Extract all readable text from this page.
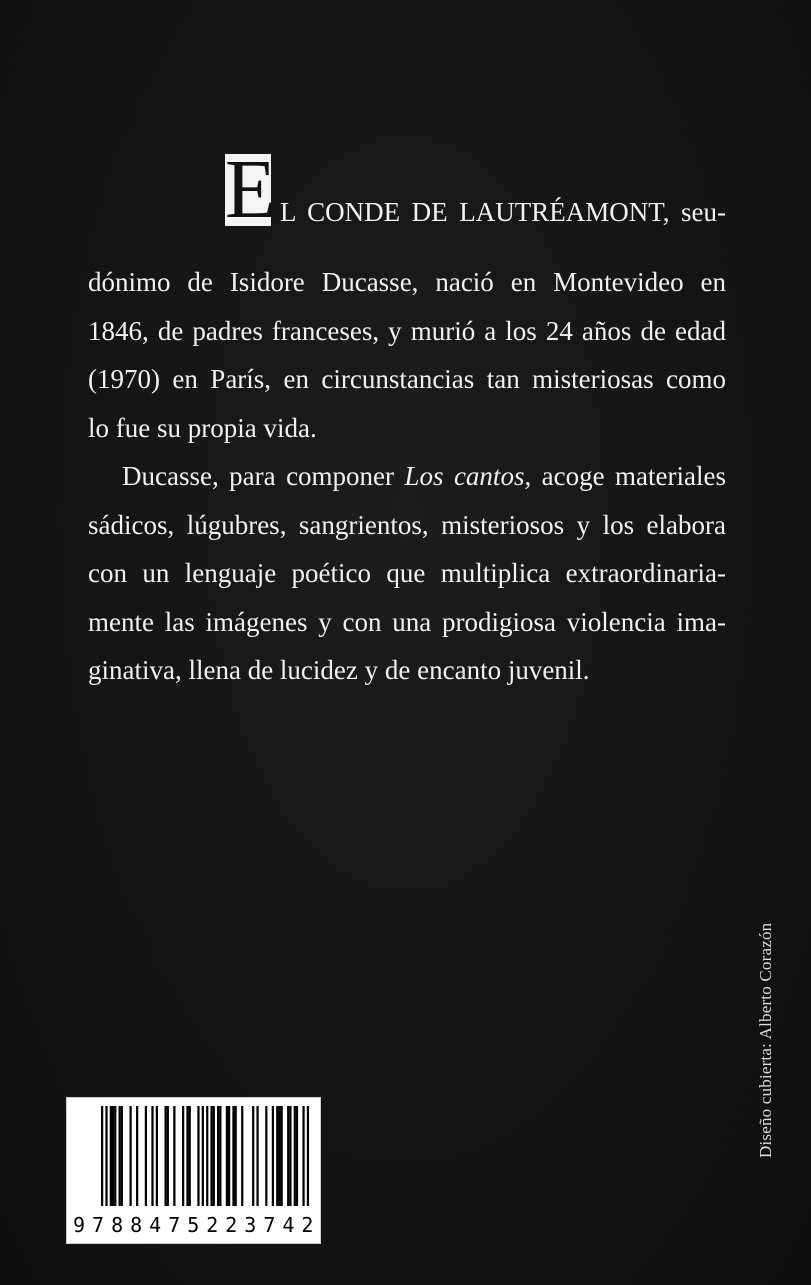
E L CONDE DE LAUTRÉAMONT, seu-
dónimo de Isidore Ducasse, nació en Montevideo en
1846, de padres franceses, y murió a los 24 años de edad
(1970) en París, en circunstancias tan misteriosas como
lo fue su propia vida.
Ducasse, para componer Los cantos, acoge materiales
sádicos, lúgubres, sangrientos, misteriosos y los elabora
con un lenguaje poético que multiplica extraordinaria-
mente las imágenes y con una prodigiosa violencia ima-
ginativa, llena de lucidez y de encanto juvenil.
Diseño cubierta: Alberto Corazón
9 7 8 8 4 7 5 2 2 3 7 4 2
